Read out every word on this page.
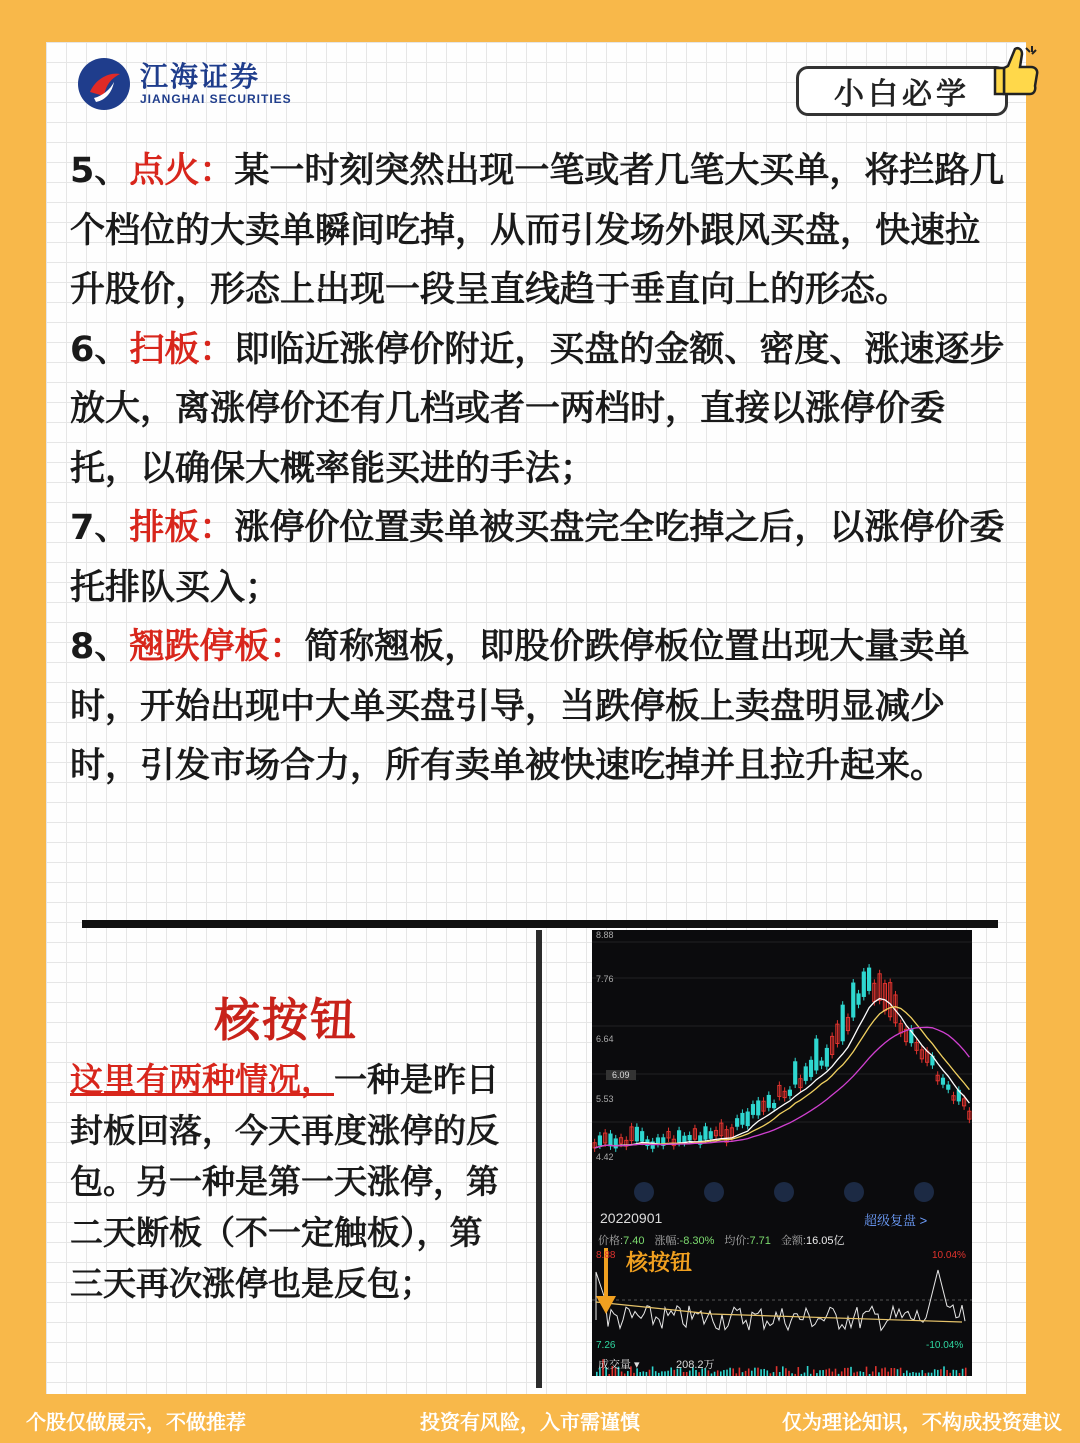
江海证券
JIANGHAI SECURITIES	小白必学

5、点火：某一时刻突然出现一笔或者几笔大买单，将拦路几个档位的大卖单瞬间吃掉，从而引发场外跟风买盘，快速拉升股价，形态上出现一段呈直线趋于垂直向上的形态。

6、扫板：即临近涨停价附近，买盘的金额、密度、涨速逐步放大，离涨停价还有几档或者一两档时，直接以涨停价委托，以确保大概率能买进的手法；

7、排板：涨停价位置卖单被买盘完全吃掉之后，以涨停价委托排队买入；

8、翘跌停板：简称翘板，即股价跌停板位置出现大量卖单时，开始出现中大单买盘引导，当跌停板上卖盘明显减少时，引发市场合力，所有卖单被快速吃掉并且拉升起来。

核按钮
这里有两种情况，一种是昨日封板回落，今天再度涨停的反包。另一种是第一天涨停，第二天断板（不一定触板），第三天再次涨停也是反包；
8.88
7.76
6.64
6.09
5.53
4.42
20220901	超级复盘 >
价格:7.40 涨幅:-8.30% 均价:7.71 金额:16.05亿
核按钮
8.88
7.26
10.04%
-10.04%
成交量 ▾	208.2万
个股仅做展示，不做推荐	投资有风险，入市需谨慎	仅为理论知识，不构成投资建议
